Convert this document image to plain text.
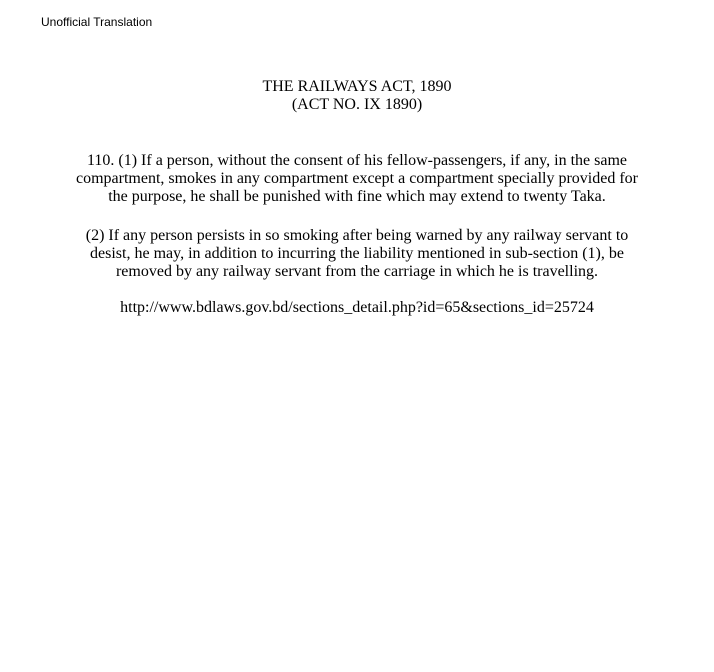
Unofficial Translation
THE RAILWAYS ACT, 1890
(ACT NO. IX 1890)
110. (1) If a person, without the consent of his fellow-passengers, if any, in the same
compartment, smokes in any compartment except a compartment specially provided for
the purpose, he shall be punished with fine which may extend to twenty Taka.
(2) If any person persists in so smoking after being warned by any railway servant to
desist, he may, in addition to incurring the liability mentioned in sub-section (1), be
removed by any railway servant from the carriage in which he is travelling.
http://www.bdlaws.gov.bd/sections_detail.php?id=65&sections_id=25724
